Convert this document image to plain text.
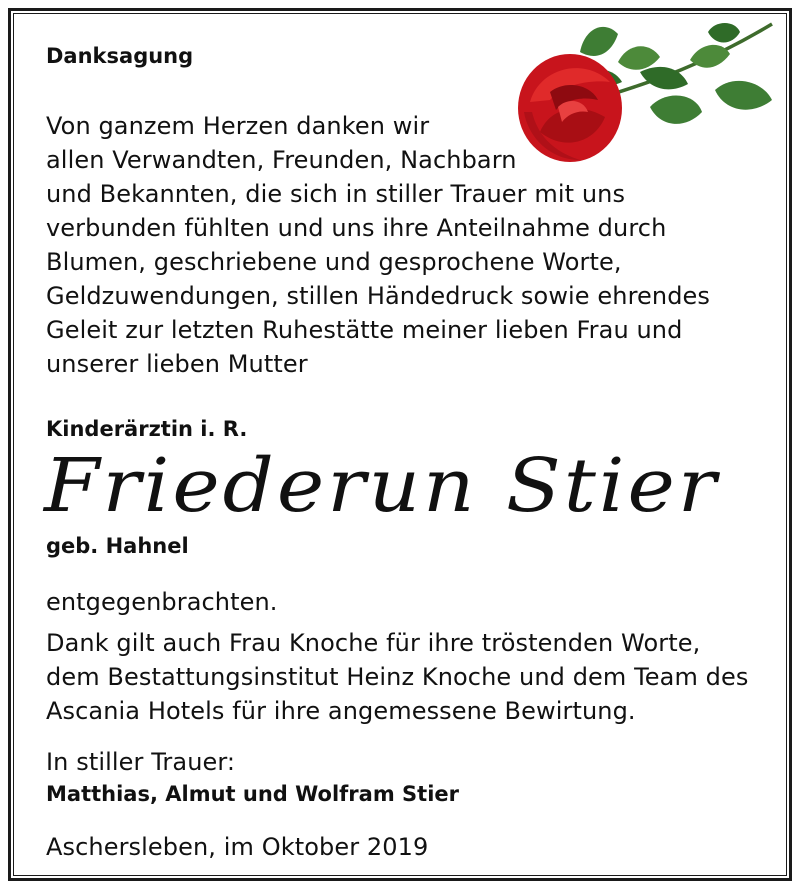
Danksagung
Von ganzem Herzen danken wir
allen Verwandten, Freunden, Nachbarn
und Bekannten, die sich in stiller Trauer mit uns
verbunden fühlten und uns ihre Anteilnahme durch
Blumen, geschriebene und gesprochene Worte,
Geldzuwendungen, stillen Händedruck sowie ehrendes
Geleit zur letzten Ruhestätte meiner lieben Frau und
unserer lieben Mutter
Kinderärztin i. R.
Friederun Stier
geb. Hahnel
entgegenbrachten.
Dank gilt auch Frau Knoche für ihre tröstenden Worte,
dem Bestattungsinstitut Heinz Knoche und dem Team des
Ascania Hotels für ihre angemessene Bewirtung.
In stiller Trauer:
Matthias, Almut und Wolfram Stier
Aschersleben, im Oktober 2019
